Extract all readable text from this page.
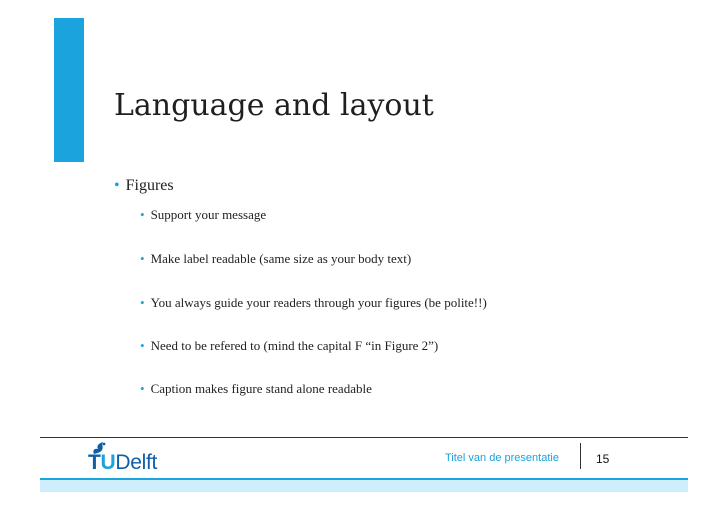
Language and layout
• Figures
• Support your message
• Make label readable (same size as your body text)
• You always guide your readers through your figures (be polite!!)
• Need to be refered to (mind the capital F “in Figure 2”)
• Caption makes figure stand alone readable
TUDelft	Titel van de presentatie	15
